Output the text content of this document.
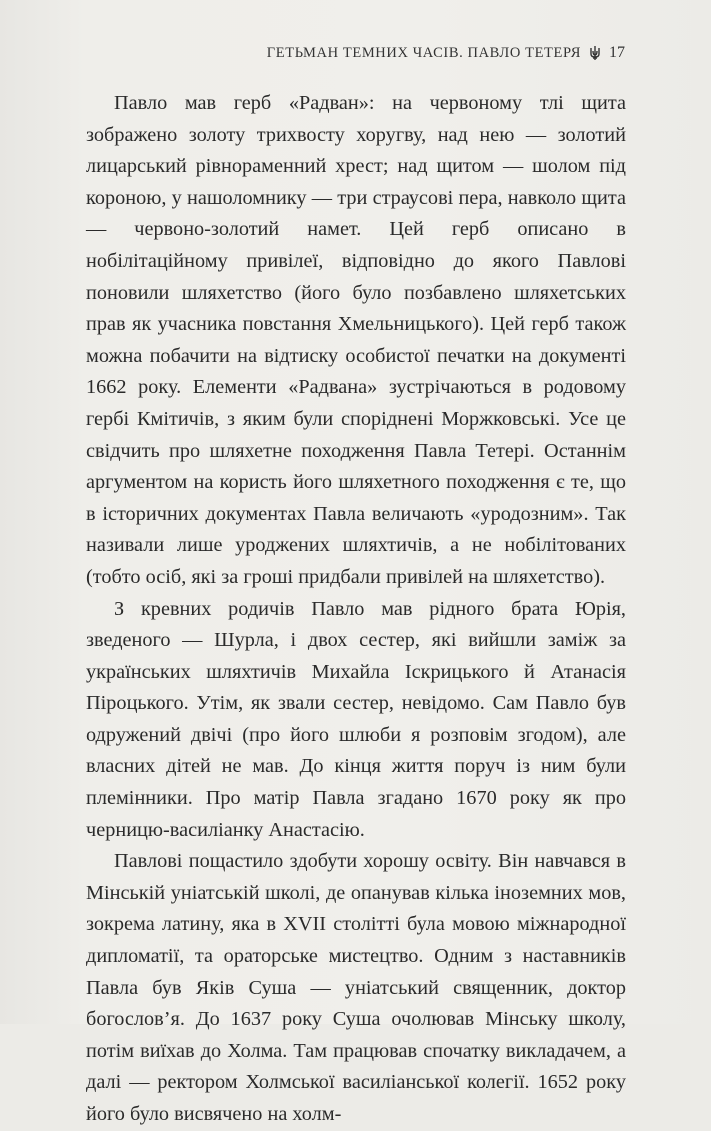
ГЕТЬМАН ТЕМНИХ ЧАСІВ. ПАВЛО ТЕТЕРЯ 17

Павло мав герб «Радван»: на червоному тлі щита зображено золоту трихвосту хоругву, над нею — золотий лицарський рівнораменний хрест; над щитом — шолом під короною, у нашоломнику — три страусові пера, навколо щита — червоно-золотий намет. Цей герб описано в нобілітаційному привілеї, відповідно до якого Павлові поновили шляхетство (його було позбавлено шляхетських прав як учасника повстання Хмельницького). Цей герб також можна побачити на відтиску особистої печатки на документі 1662 року. Елементи «Радвана» зустрічаються в родовому гербі Кмітичів, з яким були споріднені Моржковські. Усе це свідчить про шляхетне походження Павла Тетері. Останнім аргументом на користь його шляхетного походження є те, що в історичних документах Павла величають «уродозним». Так називали лише уроджених шляхтичів, а не нобілітованих (тобто осіб, які за гроші придбали привілей на шляхетство).

З кревних родичів Павло мав рідного брата Юрія, зведеного — Шурла, і двох сестер, які вийшли заміж за українських шляхтичів Михайла Іскрицького й Атанасія Піроцького. Утім, як звали сестер, невідомо. Сам Павло був одружений двічі (про його шлюби я розповім згодом), але власних дітей не мав. До кінця життя поруч із ним були племінники. Про матір Павла згадано 1670 року як про черницю-василіанку Анастасію.

Павлові пощастило здобути хорошу освіту. Він навчався в Мінській уніатській школі, де опанував кілька іноземних мов, зокрема латину, яка в XVII столітті була мовою міжнародної дипломатії, та ораторське мистецтво. Одним з наставників Павла був Яків Суша — уніатський священник, доктор богослов’я. До 1637 року Суша очолював Мінську школу, потім виїхав до Холма. Там працював спочатку викладачем, а далі — ректором Холмської василіанської колегії. 1652 року його було висвячено на холм-
